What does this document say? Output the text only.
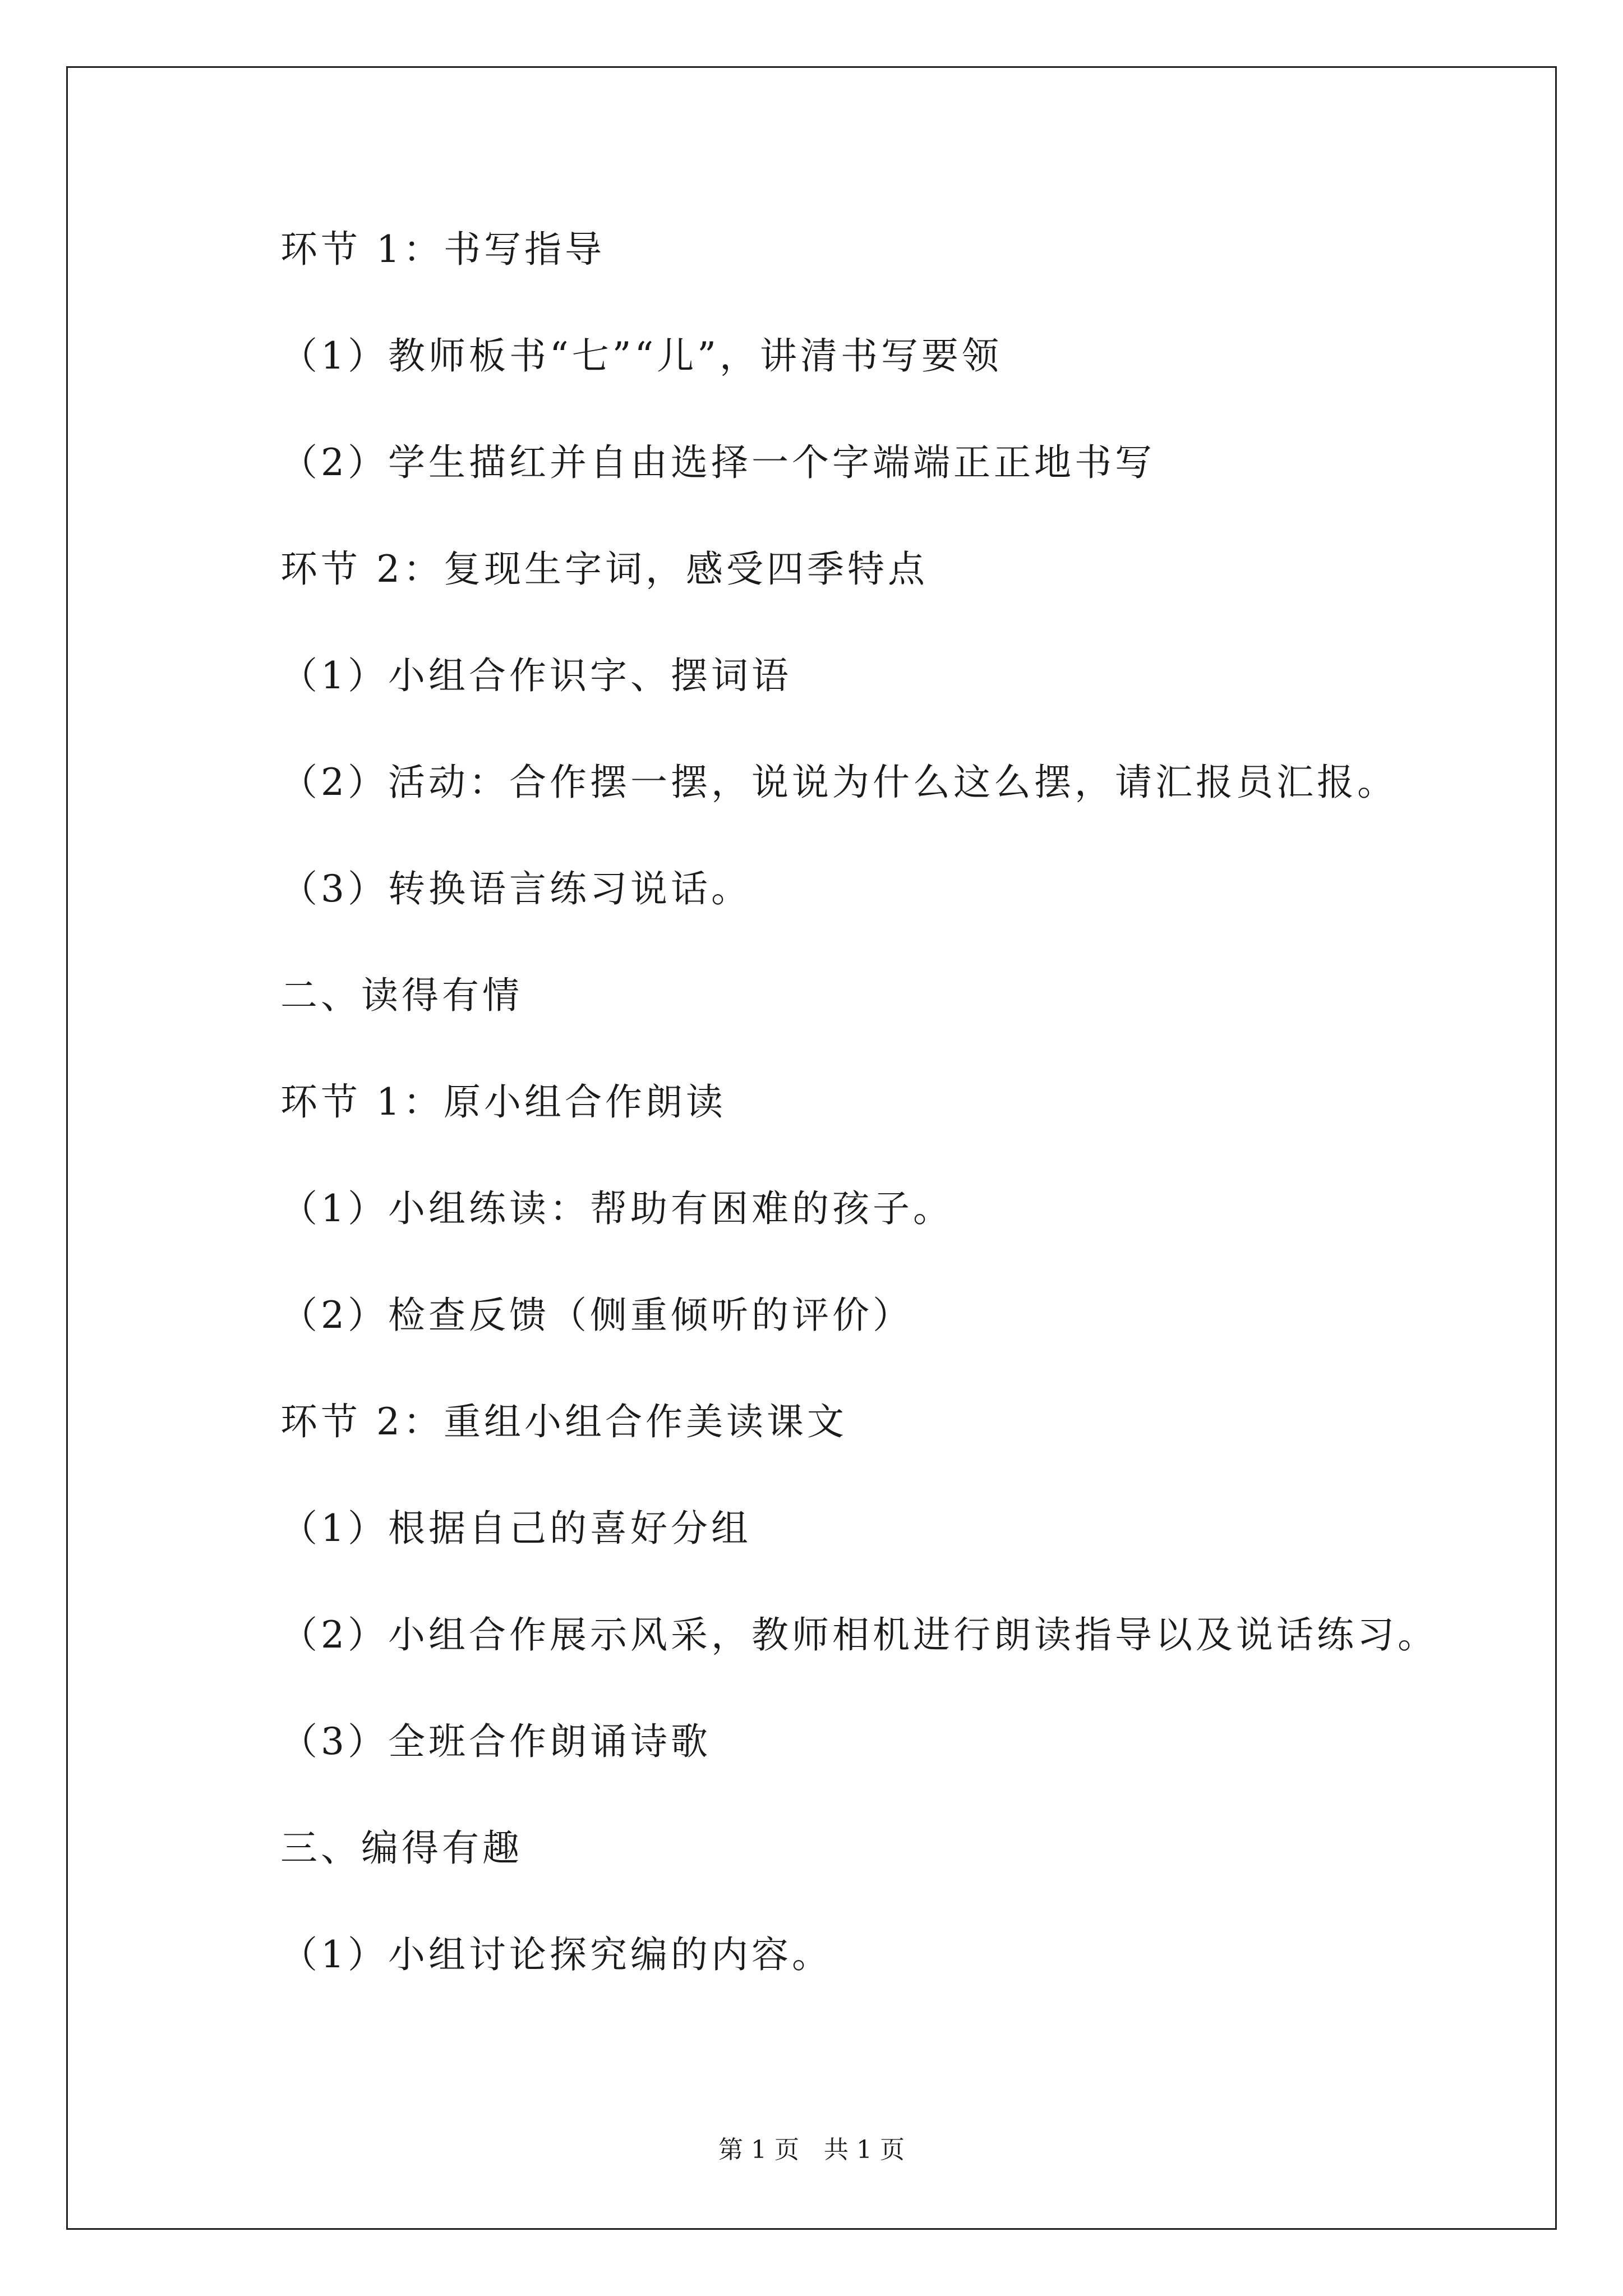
环节 1：书写指导
（1）教师板书“七”“儿”，讲清书写要领
（2）学生描红并自由选择一个字端端正正地书写
环节 2：复现生字词，感受四季特点
（1）小组合作识字、摆词语
（2）活动：合作摆一摆，说说为什么这么摆，请汇报员汇报。
（3）转换语言练习说话。
二、读得有情
环节 1：原小组合作朗读
（1）小组练读：帮助有困难的孩子。
（2）检查反馈（侧重倾听的评价）
环节 2：重组小组合作美读课文
（1）根据自己的喜好分组
（2）小组合作展示风采，教师相机进行朗读指导以及说话练习。
（3）全班合作朗诵诗歌
三、编得有趣
（1）小组讨论探究编的内容。
第 1 页　共 1 页
